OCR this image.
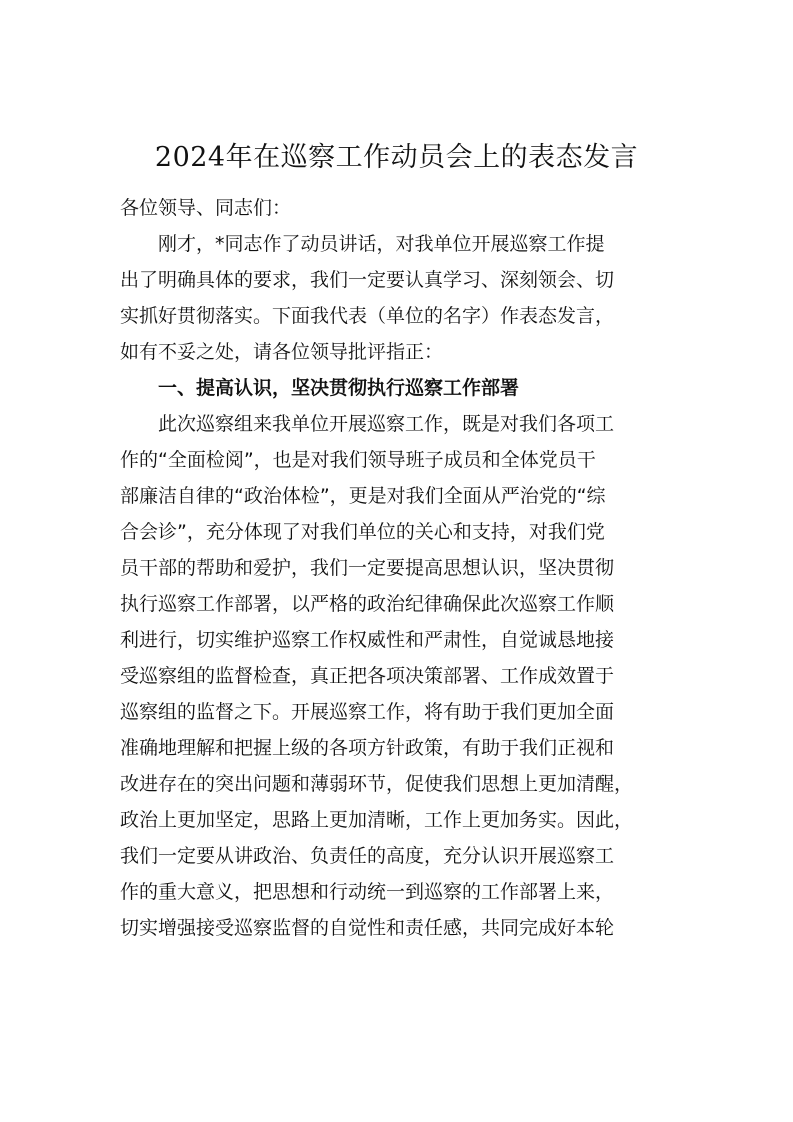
2024年在巡察工作动员会上的表态发言

各位领导、同志们：

刚才，*同志作了动员讲话，对我单位开展巡察工作提
出了明确具体的要求，我们一定要认真学习、深刻领会、切
实抓好贯彻落实。下面我代表（单位的名字）作表态发言，
如有不妥之处，请各位领导批评指正：

一、提高认识，坚决贯彻执行巡察工作部署

此次巡察组来我单位开展巡察工作，既是对我们各项工
作的“全面检阅”，也是对我们领导班子成员和全体党员干
部廉洁自律的“政治体检”，更是对我们全面从严治党的“综
合会诊”，充分体现了对我们单位的关心和支持，对我们党
员干部的帮助和爱护，我们一定要提高思想认识，坚决贯彻
执行巡察工作部署，以严格的政治纪律确保此次巡察工作顺
利进行，切实维护巡察工作权威性和严肃性，自觉诚恳地接
受巡察组的监督检查，真正把各项决策部署、工作成效置于
巡察组的监督之下。开展巡察工作，将有助于我们更加全面
准确地理解和把握上级的各项方针政策，有助于我们正视和
改进存在的突出问题和薄弱环节，促使我们思想上更加清醒，
政治上更加坚定，思路上更加清晰，工作上更加务实。因此，
我们一定要从讲政治、负责任的高度，充分认识开展巡察工
作的重大意义，把思想和行动统一到巡察的工作部署上来，
切实增强接受巡察监督的自觉性和责任感，共同完成好本轮
